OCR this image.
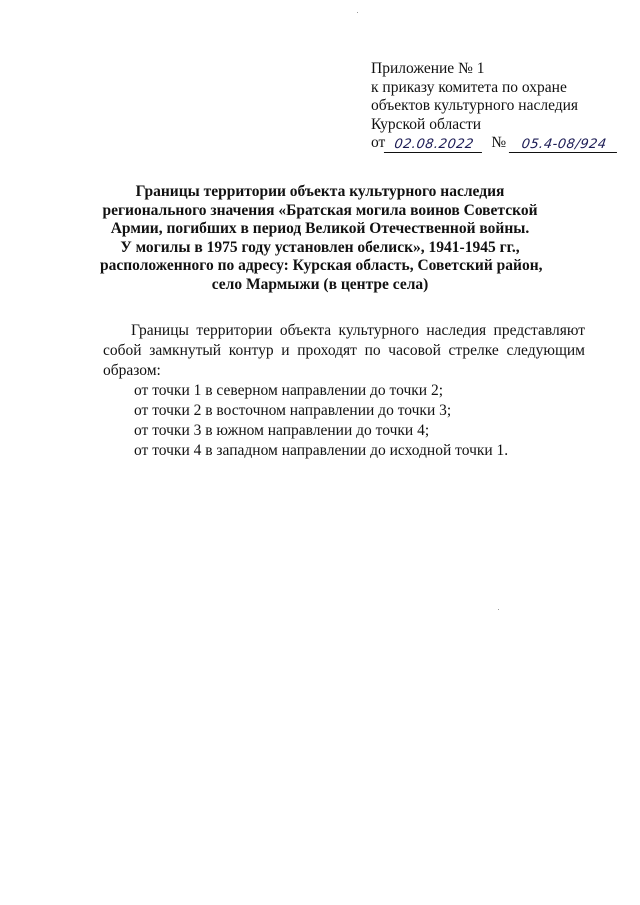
Приложение № 1
к приказу комитета по охране
объектов культурного наследия
Курской области
от 02.08.2022	№	05.4-08/924
Границы территории объекта культурного наследия
регионального значения «Братская могила воинов Советской
Армии, погибших в период Великой Отечественной войны.
У могилы в 1975 году установлен обелиск», 1941-1945 гг.,
расположенного по адресу: Курская область, Советский район,
село Мармыжи (в центре села)
Границы территории объекта культурного наследия представляют
собой замкнутый контур и проходят по часовой стрелке следующим
образом:
от точки 1 в северном направлении до точки 2;
от точки 2 в восточном направлении до точки 3;
от точки 3 в южном направлении до точки 4;
от точки 4 в западном направлении до исходной точки 1.
